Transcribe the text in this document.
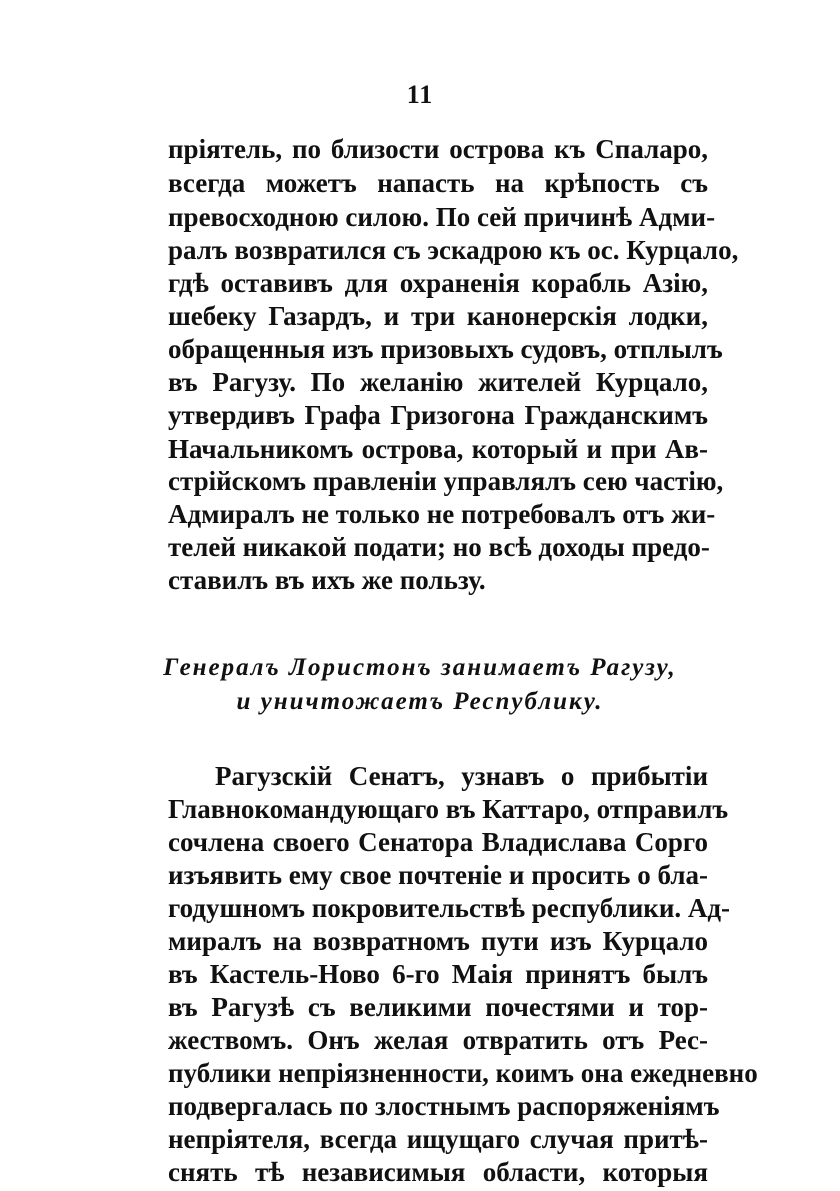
11
пріятель, по близости острова къ Спаларо,
всегда можетъ напасть на крѣпость съ
превосходною силою. По сей причинѣ Адми-
ралъ возвратился съ эскадрою къ ос. Курцало,
гдѣ оставивъ для охраненія корабль Азію,
шебеку Газардъ, и три канонерскія лодки,
обращенныя изъ призовыхъ судовъ, отплылъ
въ Рагузу. По желанію жителей Курцало,
утвердивъ Графа Гризогона Гражданскимъ
Начальникомъ острова, который и при Ав-
стрійскомъ правленіи управлялъ сею частію,
Адмиралъ не только не потребовалъ отъ жи-
телей никакой подати; но всѣ доходы предо-
ставилъ въ ихъ же пользу.
Генералъ Лористонъ занимаетъ Рагузу,
и уничтожаетъ Республику.
Рагузскій Сенатъ, узнавъ о прибытіи
Главнокомандующаго въ Каттаро, отправилъ
сочлена своего Сенатора Владислава Сорго
изъявить ему свое почтеніе и просить о бла-
годушномъ покровительствѣ республики. Ад-
миралъ на возвратномъ пути изъ Курцало
въ Кастель-Ново 6-го Маія принятъ былъ
въ Рагузѣ съ великими почестями и тор-
жествомъ. Онъ желая отвратить отъ Рес-
публики непріязненности, коимъ она ежедневно
подвергалась по злостнымъ распоряженіямъ
непріятеля, всегда ищущаго случая притѣ-
снять тѣ независимыя области, которыя
